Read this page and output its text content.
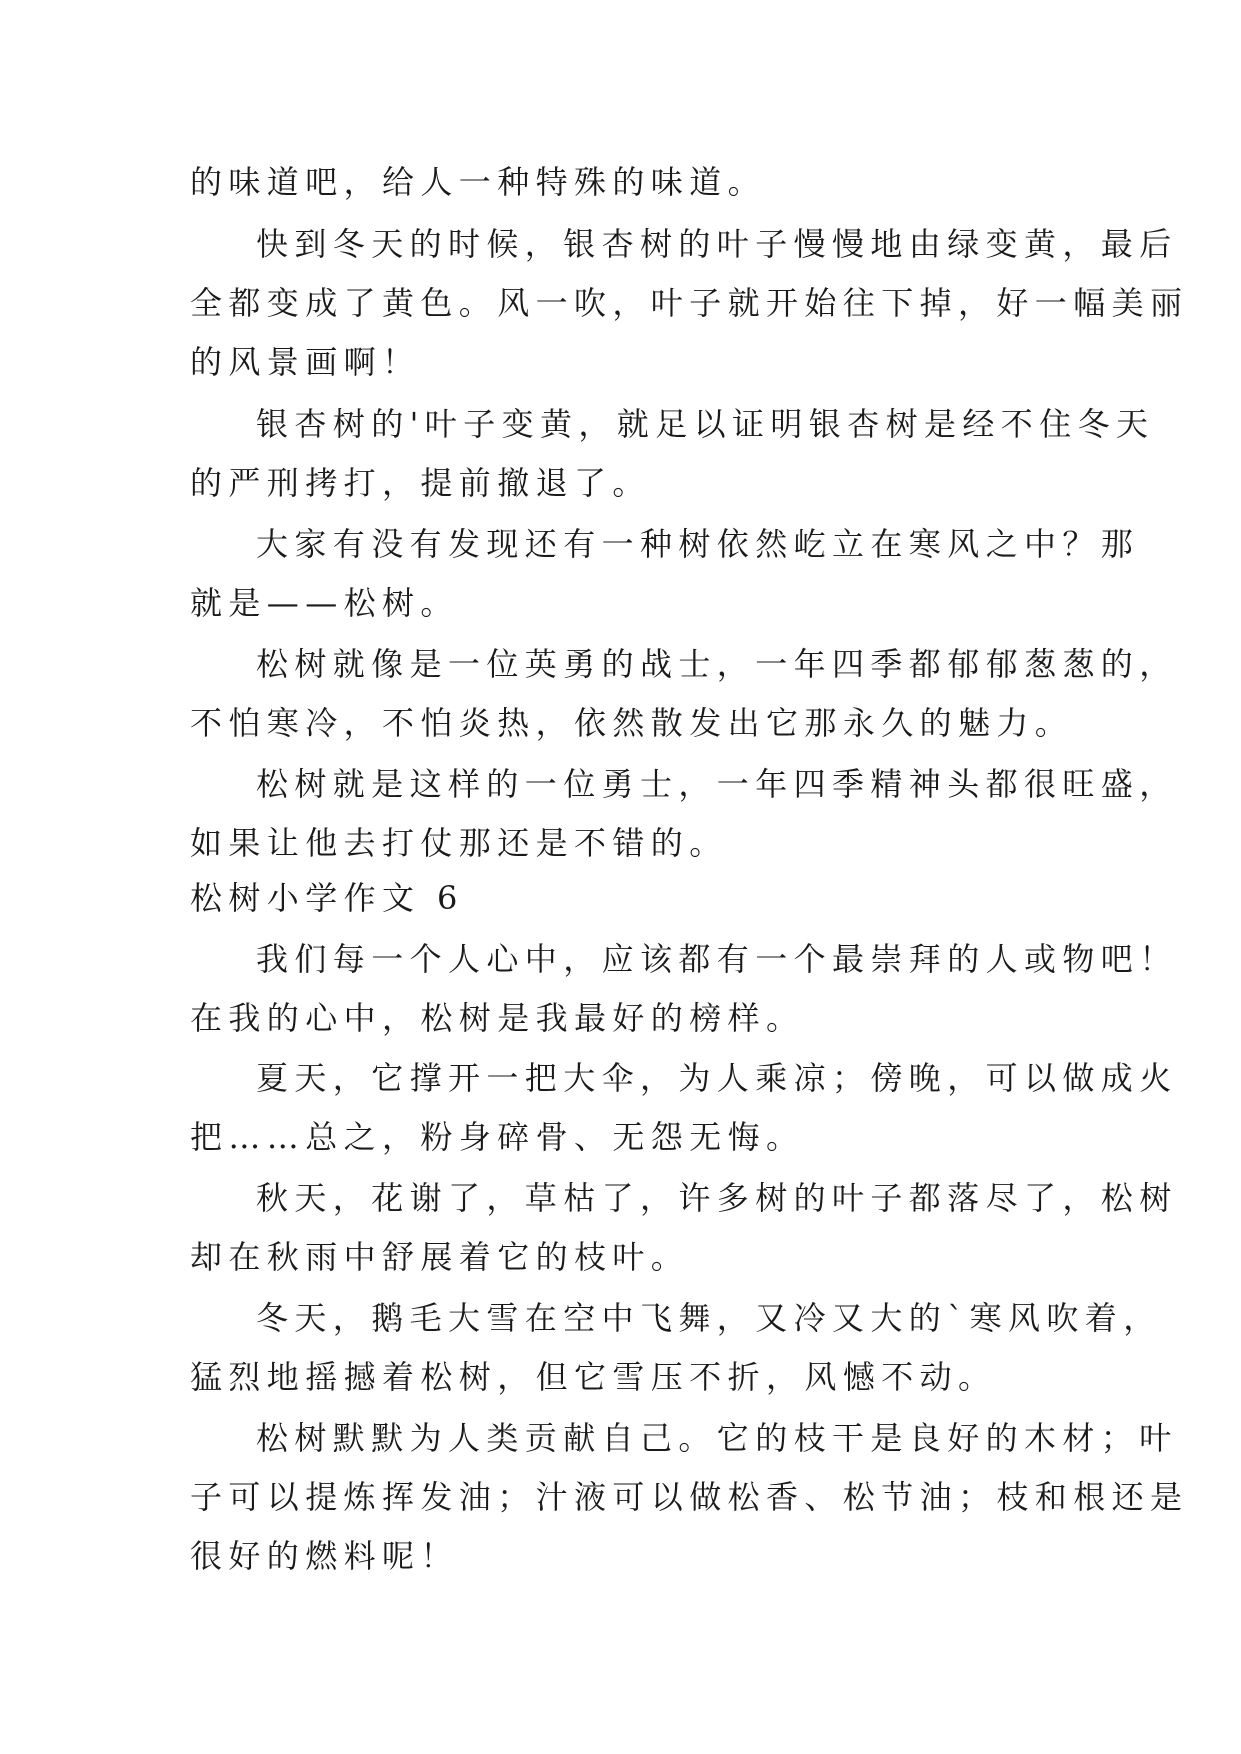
的味道吧，给人一种特殊的味道。
快到冬天的时候，银杏树的叶子慢慢地由绿变黄，最后
全都变成了黄色。风一吹，叶子就开始往下掉，好一幅美丽
的风景画啊！
银杏树的'叶子变黄，就足以证明银杏树是经不住冬天
的严刑拷打，提前撤退了。
大家有没有发现还有一种树依然屹立在寒风之中？那
就是——松树。
松树就像是一位英勇的战士，一年四季都郁郁葱葱的，
不怕寒冷，不怕炎热，依然散发出它那永久的魅力。
松树就是这样的一位勇士，一年四季精神头都很旺盛，
如果让他去打仗那还是不错的。
松树小学作文 6
我们每一个人心中，应该都有一个最崇拜的人或物吧！
在我的心中，松树是我最好的榜样。
夏天，它撑开一把大伞，为人乘凉；傍晚，可以做成火
把……总之，粉身碎骨、无怨无悔。
秋天，花谢了，草枯了，许多树的叶子都落尽了，松树
却在秋雨中舒展着它的枝叶。
冬天，鹅毛大雪在空中飞舞，又冷又大的`寒风吹着，
猛烈地摇撼着松树，但它雪压不折，风憾不动。
松树默默为人类贡献自己。它的枝干是良好的木材；叶
子可以提炼挥发油；汁液可以做松香、松节油；枝和根还是
很好的燃料呢！
